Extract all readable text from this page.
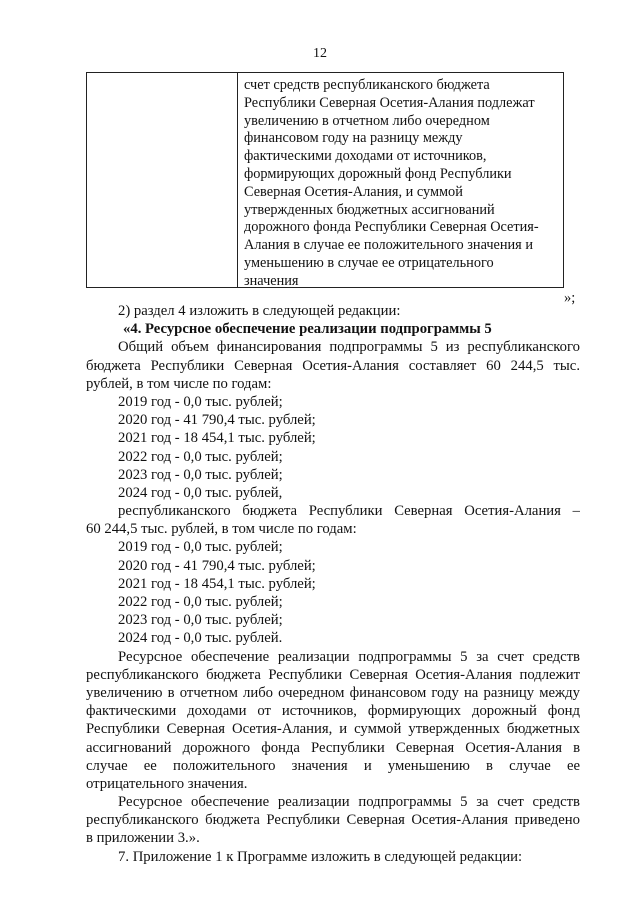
12
счет средств республиканского бюджета
Республики Северная Осетия-Алания подлежат
увеличению в отчетном либо очередном
финансовом году на разницу между
фактическими доходами от источников,
формирующих дорожный фонд Республики
Северная Осетия-Алания, и суммой
утвержденных бюджетных ассигнований
дорожного фонда Республики Северная Осетия-
Алания в случае ее положительного значения и
уменьшению в случае ее отрицательного
значения
»;
2) раздел 4 изложить в следующей редакции:
«4. Ресурсное обеспечение реализации подпрограммы 5
Общий объем финансирования подпрограммы 5 из республиканского
бюджета Республики Северная Осетия-Алания составляет 60 244,5 тыс.
рублей, в том числе по годам:
2019 год - 0,0 тыс. рублей;
2020 год - 41 790,4 тыс. рублей;
2021 год - 18 454,1 тыс. рублей;
2022 год - 0,0 тыс. рублей;
2023 год - 0,0 тыс. рублей;
2024 год - 0,0 тыс. рублей,
республиканского бюджета Республики Северная Осетия-Алания –
60 244,5 тыс. рублей, в том числе по годам:
2019 год - 0,0 тыс. рублей;
2020 год - 41 790,4 тыс. рублей;
2021 год - 18 454,1 тыс. рублей;
2022 год - 0,0 тыс. рублей;
2023 год - 0,0 тыс. рублей;
2024 год - 0,0 тыс. рублей.
Ресурсное обеспечение реализации подпрограммы 5 за счет средств
республиканского бюджета Республики Северная Осетия-Алания подлежит
увеличению в отчетном либо очередном финансовом году на разницу между
фактическими доходами от источников, формирующих дорожный фонд
Республики Северная Осетия-Алания, и суммой утвержденных бюджетных
ассигнований дорожного фонда Республики Северная Осетия-Алания в
случае ее положительного значения и уменьшению в случае ее
отрицательного значения.
Ресурсное обеспечение реализации подпрограммы 5 за счет средств
республиканского бюджета Республики Северная Осетия-Алания приведено
в приложении 3.».
7. Приложение 1 к Программе изложить в следующей редакции:
